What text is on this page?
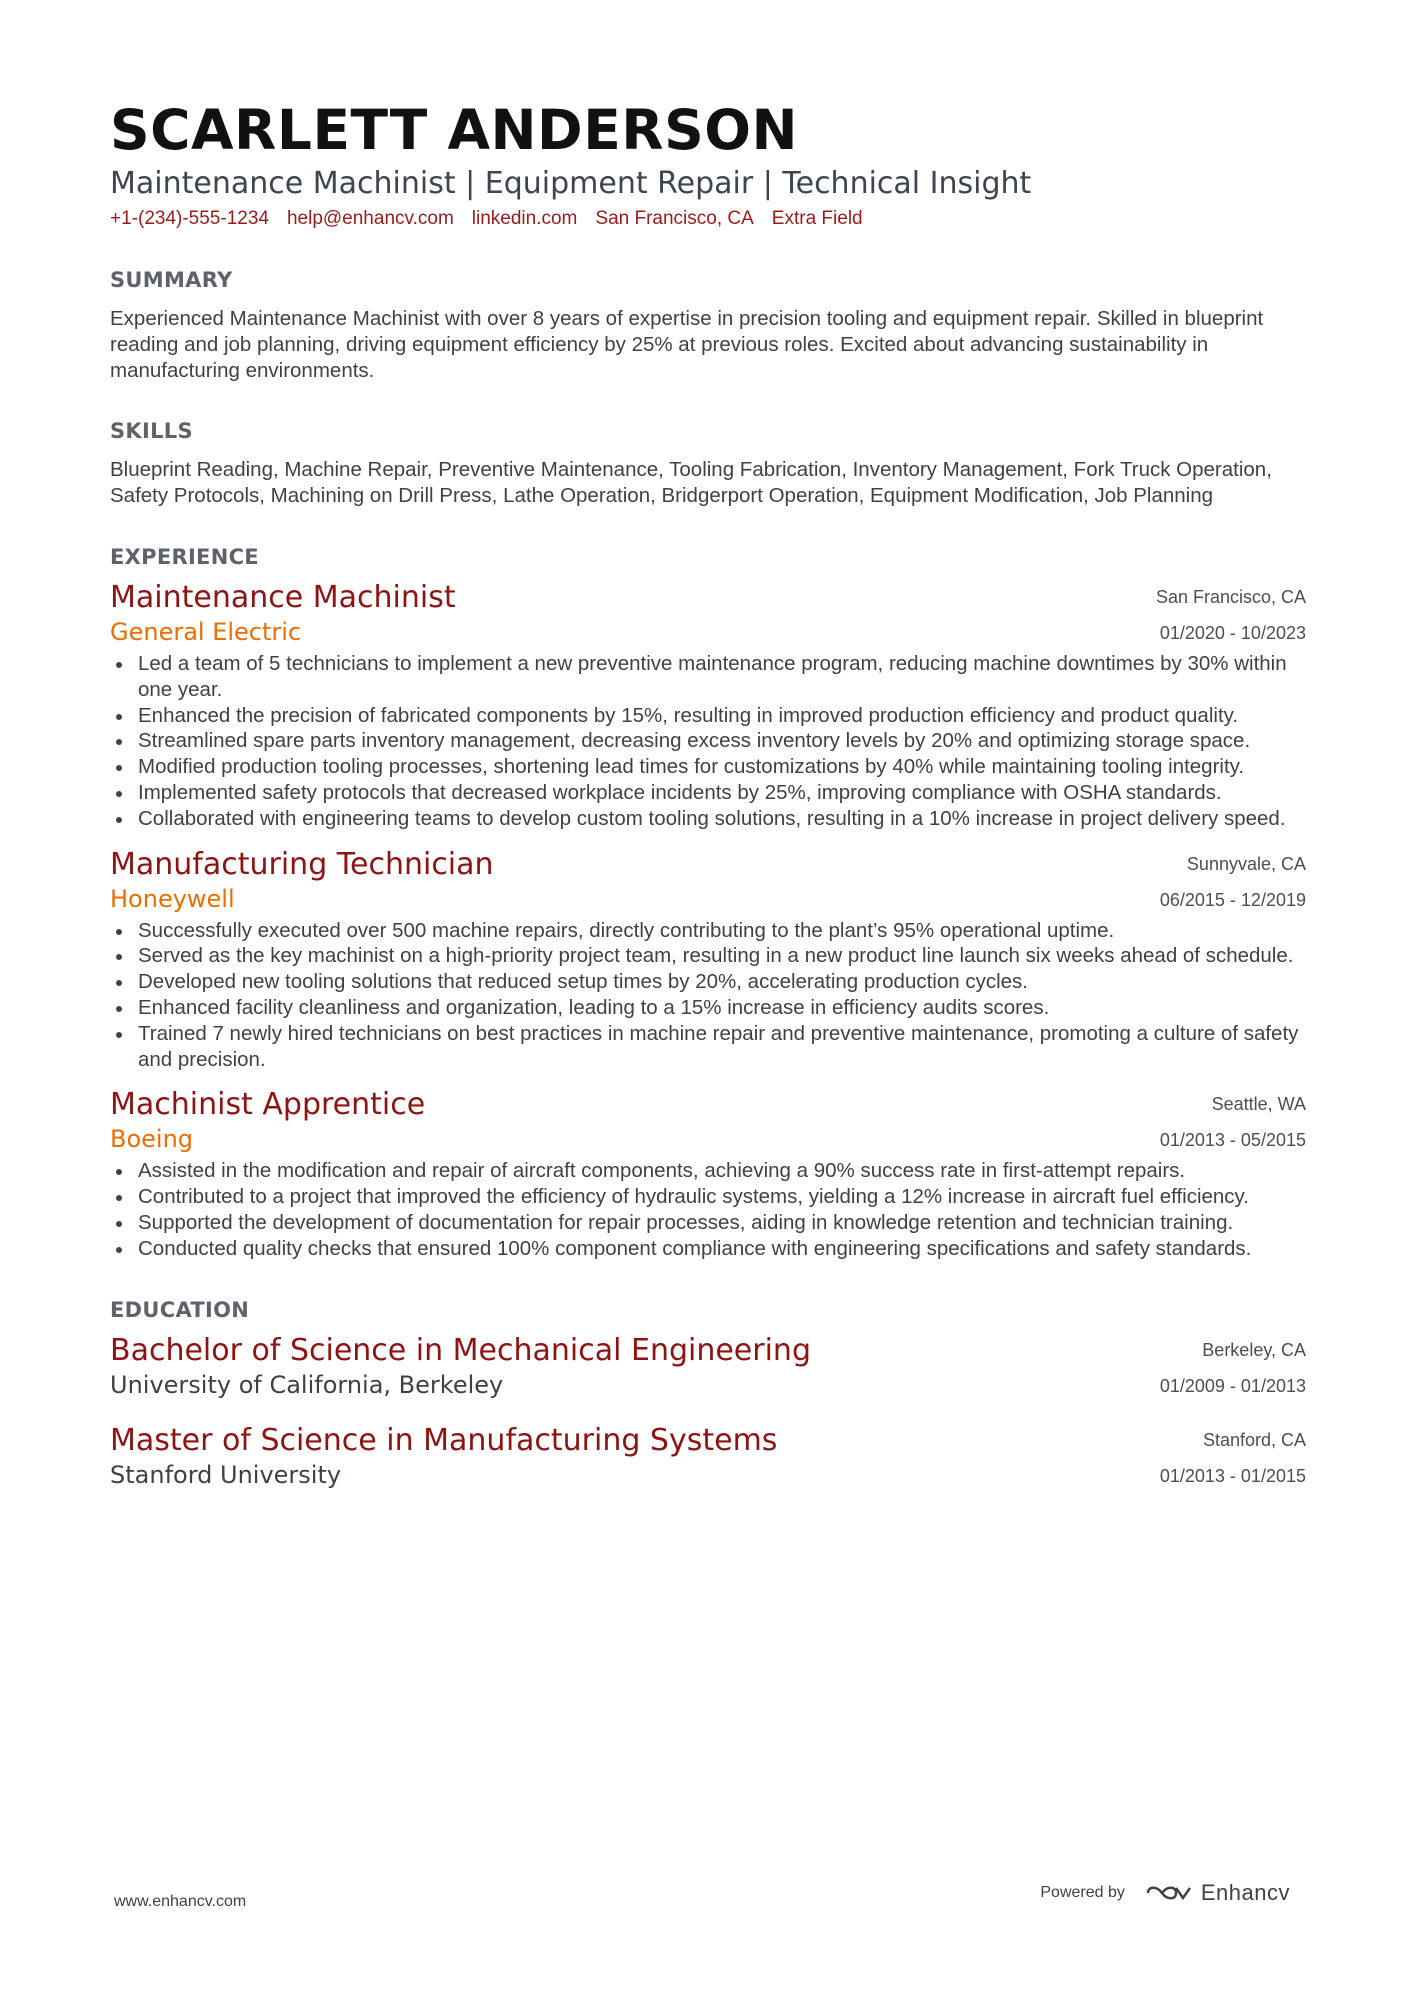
SCARLETT ANDERSON
Maintenance Machinist | Equipment Repair | Technical Insight
+1-(234)-555-1234 help@enhancv.com linkedin.com San Francisco, CA Extra Field
SUMMARY
Experienced Maintenance Machinist with over 8 years of expertise in precision tooling and equipment repair. Skilled in blueprint reading and job planning, driving equipment efficiency by 25% at previous roles. Excited about advancing sustainability in manufacturing environments.
SKILLS
Blueprint Reading, Machine Repair, Preventive Maintenance, Tooling Fabrication, Inventory Management, Fork Truck Operation, Safety Protocols, Machining on Drill Press, Lathe Operation, Bridgerport Operation, Equipment Modification, Job Planning
EXPERIENCE
Maintenance Machinist
General Electric
San Francisco, CA
01/2020 - 10/2023
Led a team of 5 technicians to implement a new preventive maintenance program, reducing machine downtimes by 30% within one year.
Enhanced the precision of fabricated components by 15%, resulting in improved production efficiency and product quality.
Streamlined spare parts inventory management, decreasing excess inventory levels by 20% and optimizing storage space.
Modified production tooling processes, shortening lead times for customizations by 40% while maintaining tooling integrity.
Implemented safety protocols that decreased workplace incidents by 25%, improving compliance with OSHA standards.
Collaborated with engineering teams to develop custom tooling solutions, resulting in a 10% increase in project delivery speed.
Manufacturing Technician
Honeywell
Sunnyvale, CA
06/2015 - 12/2019
Successfully executed over 500 machine repairs, directly contributing to the plant’s 95% operational uptime.
Served as the key machinist on a high-priority project team, resulting in a new product line launch six weeks ahead of schedule.
Developed new tooling solutions that reduced setup times by 20%, accelerating production cycles.
Enhanced facility cleanliness and organization, leading to a 15% increase in efficiency audits scores.
Trained 7 newly hired technicians on best practices in machine repair and preventive maintenance, promoting a culture of safety and precision.
Machinist Apprentice
Boeing
Seattle, WA
01/2013 - 05/2015
Assisted in the modification and repair of aircraft components, achieving a 90% success rate in first-attempt repairs.
Contributed to a project that improved the efficiency of hydraulic systems, yielding a 12% increase in aircraft fuel efficiency.
Supported the development of documentation for repair processes, aiding in knowledge retention and technician training.
Conducted quality checks that ensured 100% component compliance with engineering specifications and safety standards.
EDUCATION
Bachelor of Science in Mechanical Engineering
University of California, Berkeley
Berkeley, CA
01/2009 - 01/2013
Master of Science in Manufacturing Systems
Stanford University
Stanford, CA
01/2013 - 01/2015
www.enhancv.com
Powered by	Enhancv
